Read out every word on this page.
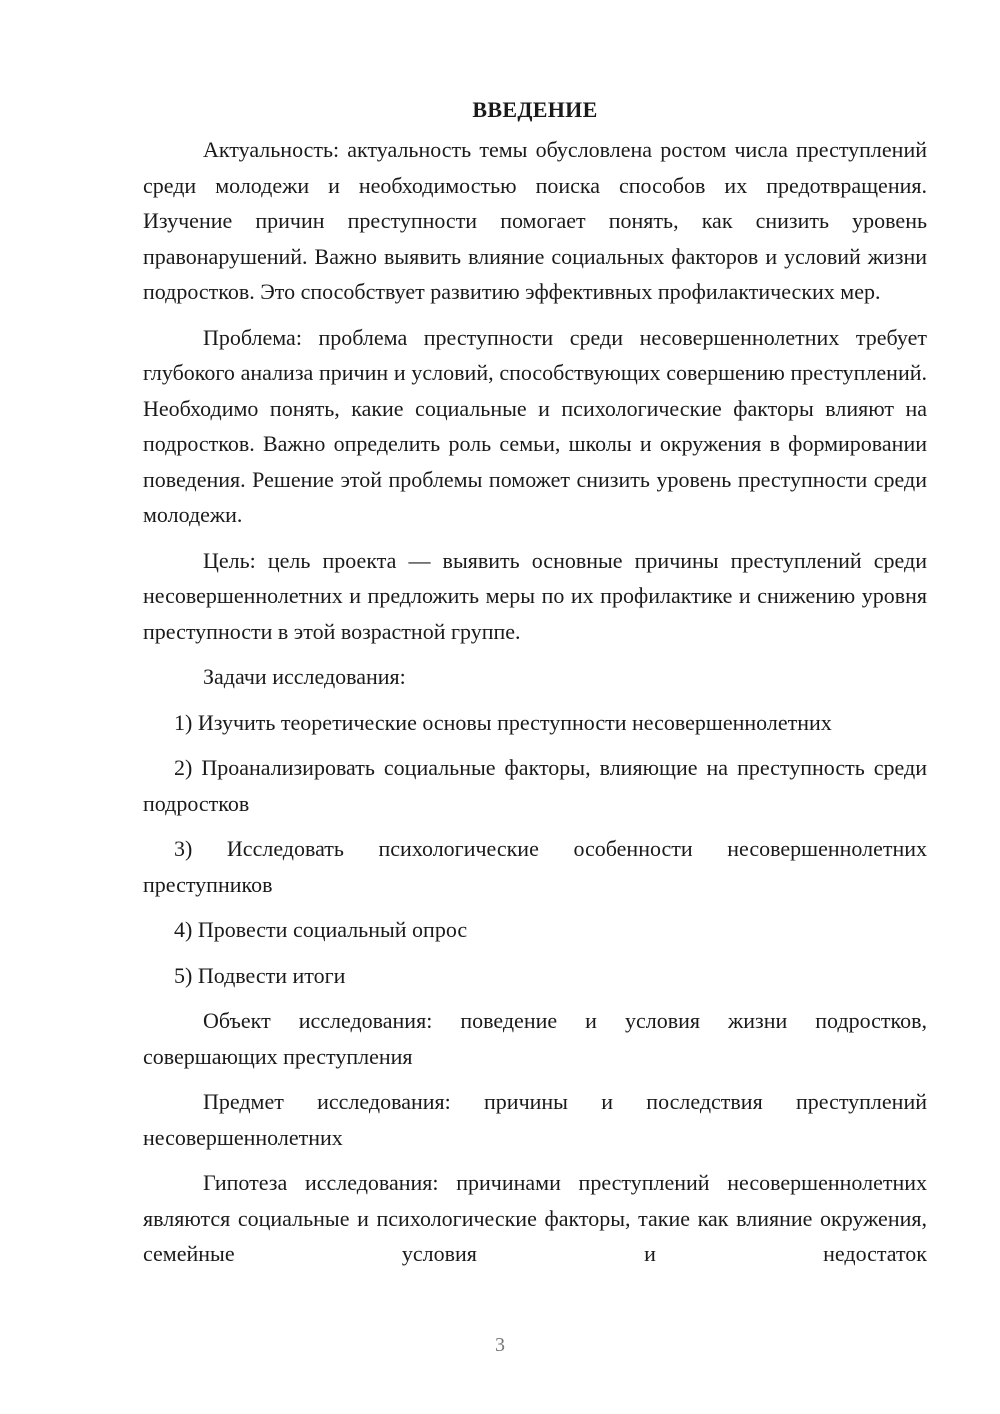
ВВЕДЕНИЕ

Актуальность: актуальность темы обусловлена ростом числа преступлений среди молодежи и необходимостью поиска способов их предотвращения. Изучение причин преступности помогает понять, как снизить уровень правонарушений. Важно выявить влияние социальных факторов и условий жизни подростков. Это способствует развитию эффективных профилактических мер.

Проблема: проблема преступности среди несовершеннолетних требует глубокого анализа причин и условий, способствующих совершению преступлений. Необходимо понять, какие социальные и психологические факторы влияют на подростков. Важно определить роль семьи, школы и окружения в формировании поведения. Решение этой проблемы поможет снизить уровень преступности среди молодежи.

Цель: цель проекта — выявить основные причины преступлений среди несовершеннолетних и предложить меры по их профилактике и снижению уровня преступности в этой возрастной группе.

Задачи исследования:

1) Изучить теоретические основы преступности несовершеннолетних

2) Проанализировать социальные факторы, влияющие на преступность среди подростков

3) Исследовать психологические особенности несовершеннолетних преступников

4) Провести социальный опрос

5) Подвести итоги

Объект исследования: поведение и условия жизни подростков, совершающих преступления

Предмет исследования: причины и последствия преступлений несовершеннолетних

Гипотеза исследования: причинами преступлений несовершеннолетних являются социальные и психологические факторы, такие как влияние окружения, семейные условия и недостаток

3
